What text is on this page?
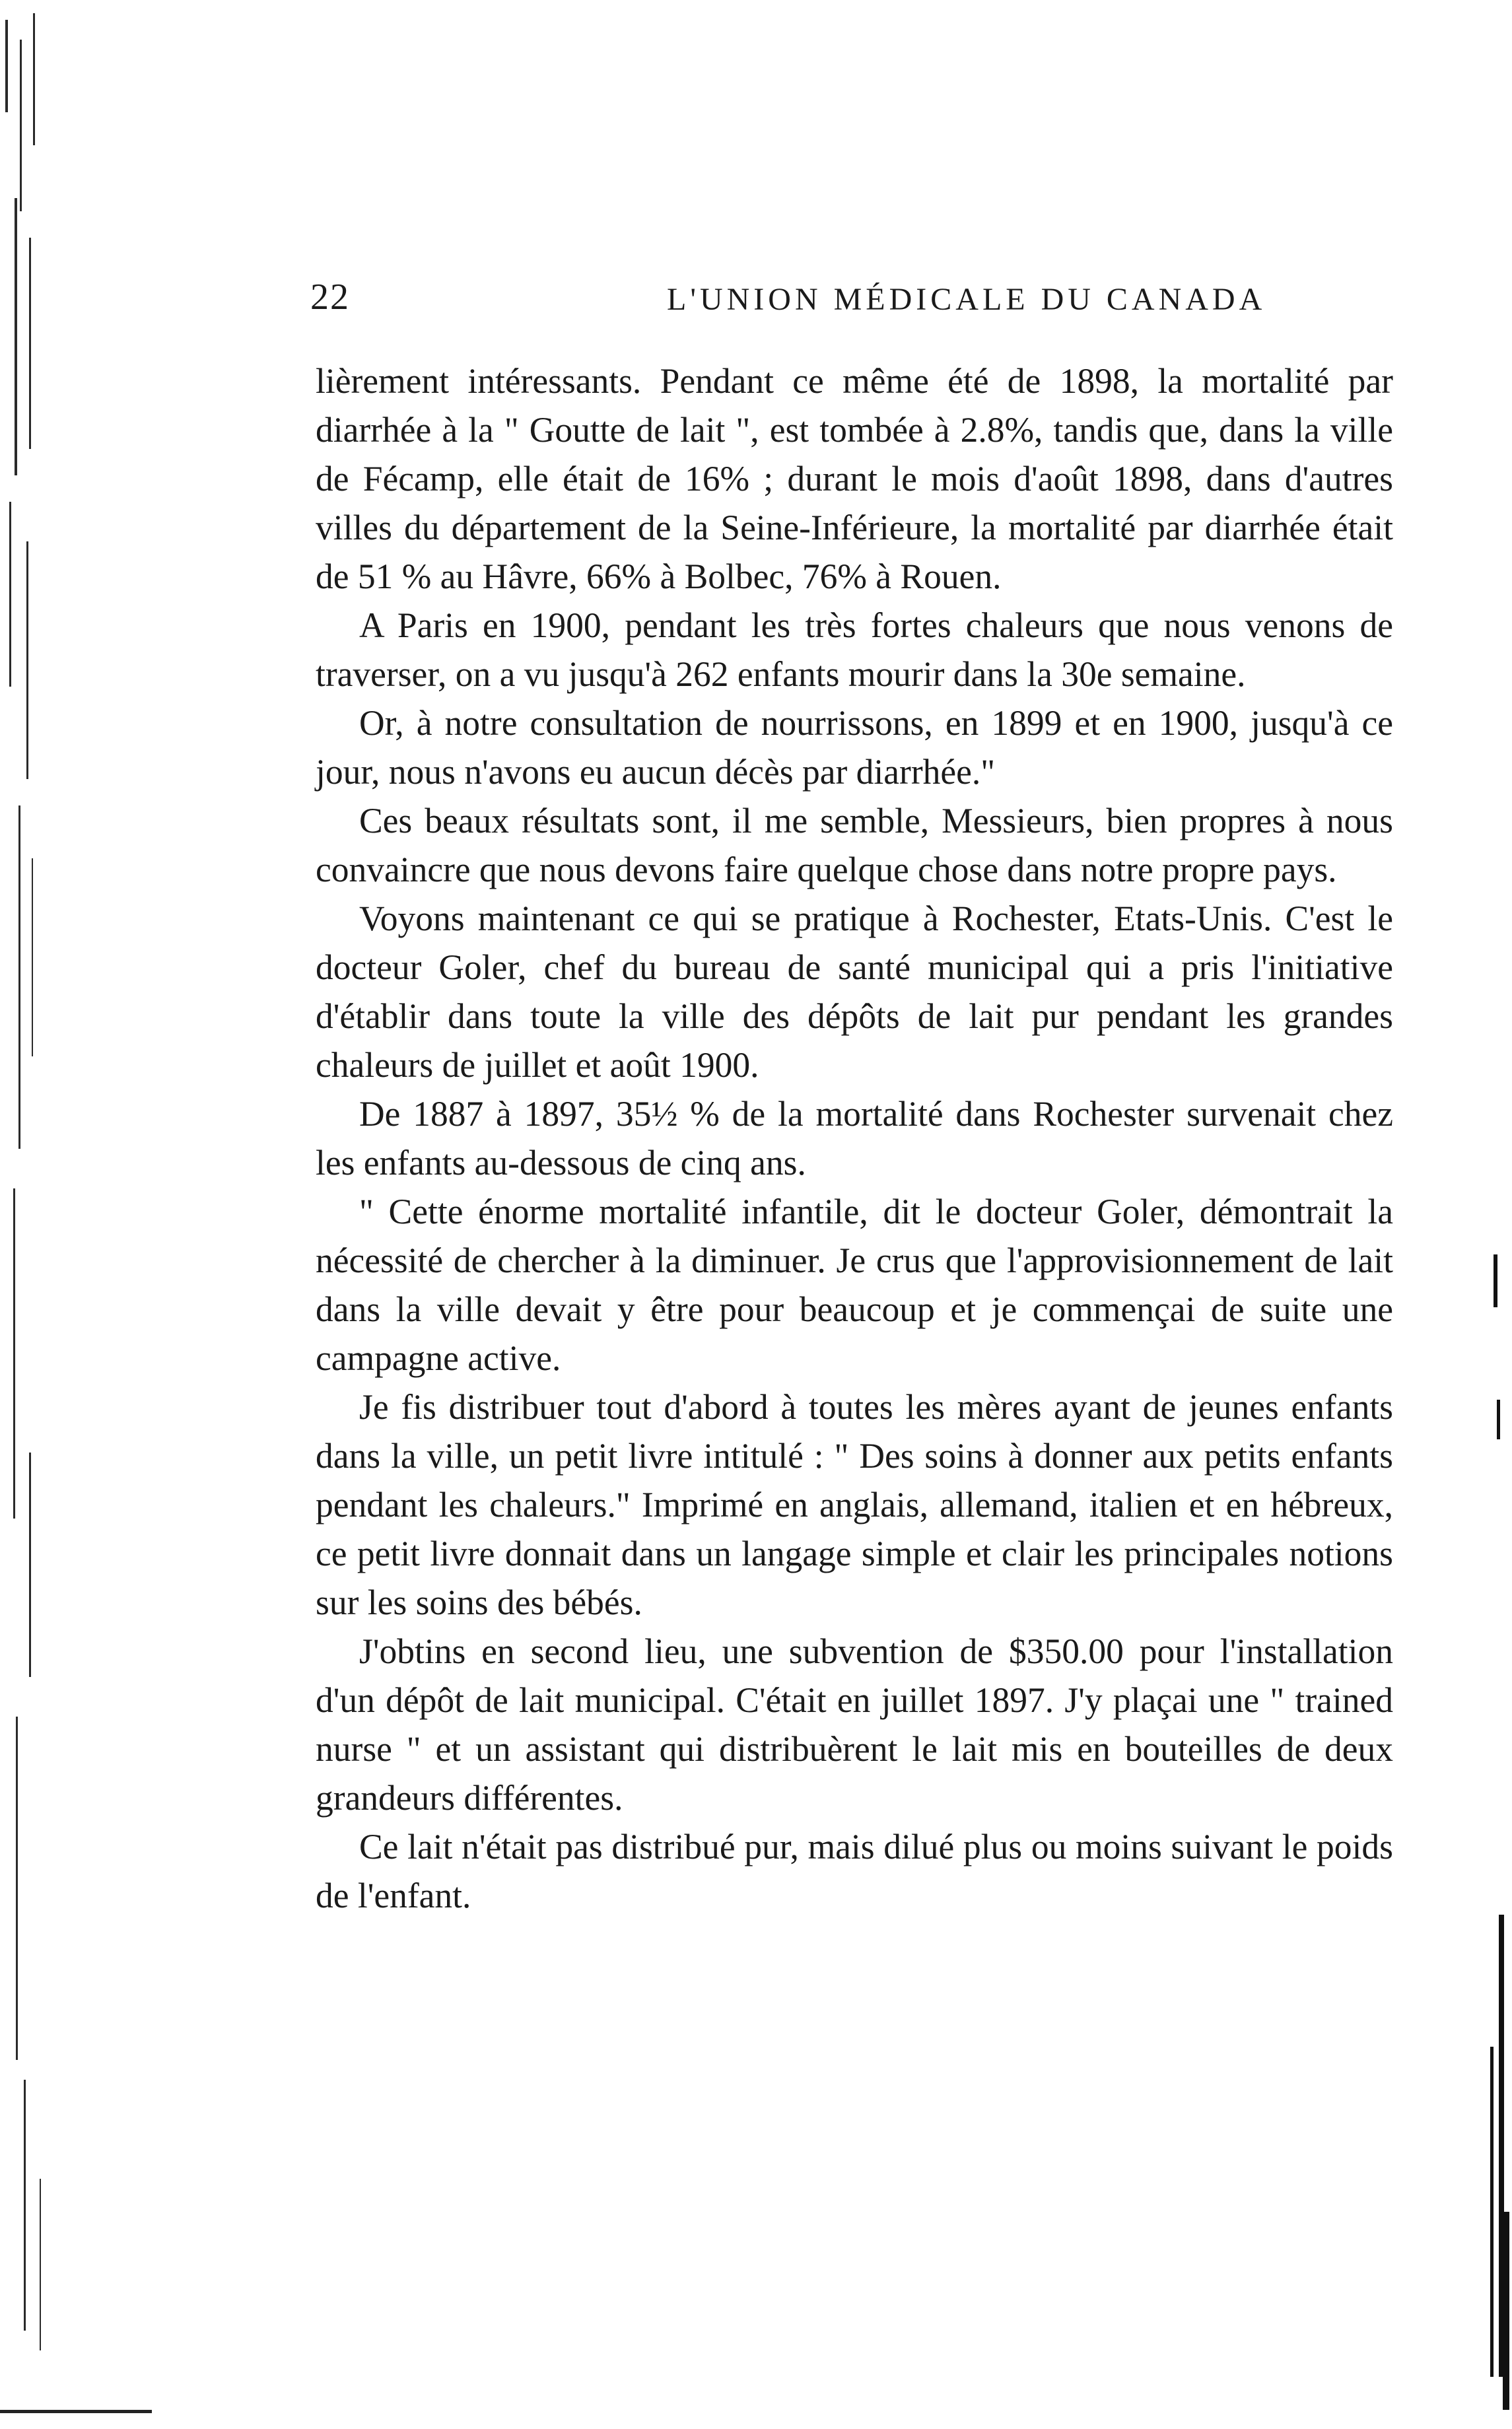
22	L'UNION MÉDICALE DU CANADA

lièrement intéressants. Pendant ce même été de 1898, la mortalité par diarrhée à la " Goutte de lait ", est tombée à 2.8%, tandis que, dans la ville de Fécamp, elle était de 16% ; durant le mois d'août 1898, dans d'autres villes du département de la Seine-Inférieure, la mortalité par diarrhée était de 51 % au Hâvre, 66% à Bolbec, 76% à Rouen.

A Paris en 1900, pendant les très fortes chaleurs que nous venons de traverser, on a vu jusqu'à 262 enfants mourir dans la 30e semaine.

Or, à notre consultation de nourrissons, en 1899 et en 1900, jusqu'à ce jour, nous n'avons eu aucun décès par diarrhée."

Ces beaux résultats sont, il me semble, Messieurs, bien propres à nous convaincre que nous devons faire quelque chose dans notre propre pays.

Voyons maintenant ce qui se pratique à Rochester, Etats-Unis. C'est le docteur Goler, chef du bureau de santé municipal qui a pris l'initiative d'établir dans toute la ville des dépôts de lait pur pendant les grandes chaleurs de juillet et août 1900.

De 1887 à 1897, 35½ % de la mortalité dans Rochester survenait chez les enfants au-dessous de cinq ans.

" Cette énorme mortalité infantile, dit le docteur Goler, démontrait la nécessité de chercher à la diminuer. Je crus que l'approvisionnement de lait dans la ville devait y être pour beaucoup et je commençai de suite une campagne active.

Je fis distribuer tout d'abord à toutes les mères ayant de jeunes enfants dans la ville, un petit livre intitulé : " Des soins à donner aux petits enfants pendant les chaleurs." Imprimé en anglais, allemand, italien et en hébreux, ce petit livre donnait dans un langage simple et clair les principales notions sur les soins des bébés.

J'obtins en second lieu, une subvention de $350.00 pour l'installation d'un dépôt de lait municipal. C'était en juillet 1897. J'y plaçai une " trained nurse " et un assistant qui distribuèrent le lait mis en bouteilles de deux grandeurs différentes.

Ce lait n'était pas distribué pur, mais dilué plus ou moins suivant le poids de l'enfant.
